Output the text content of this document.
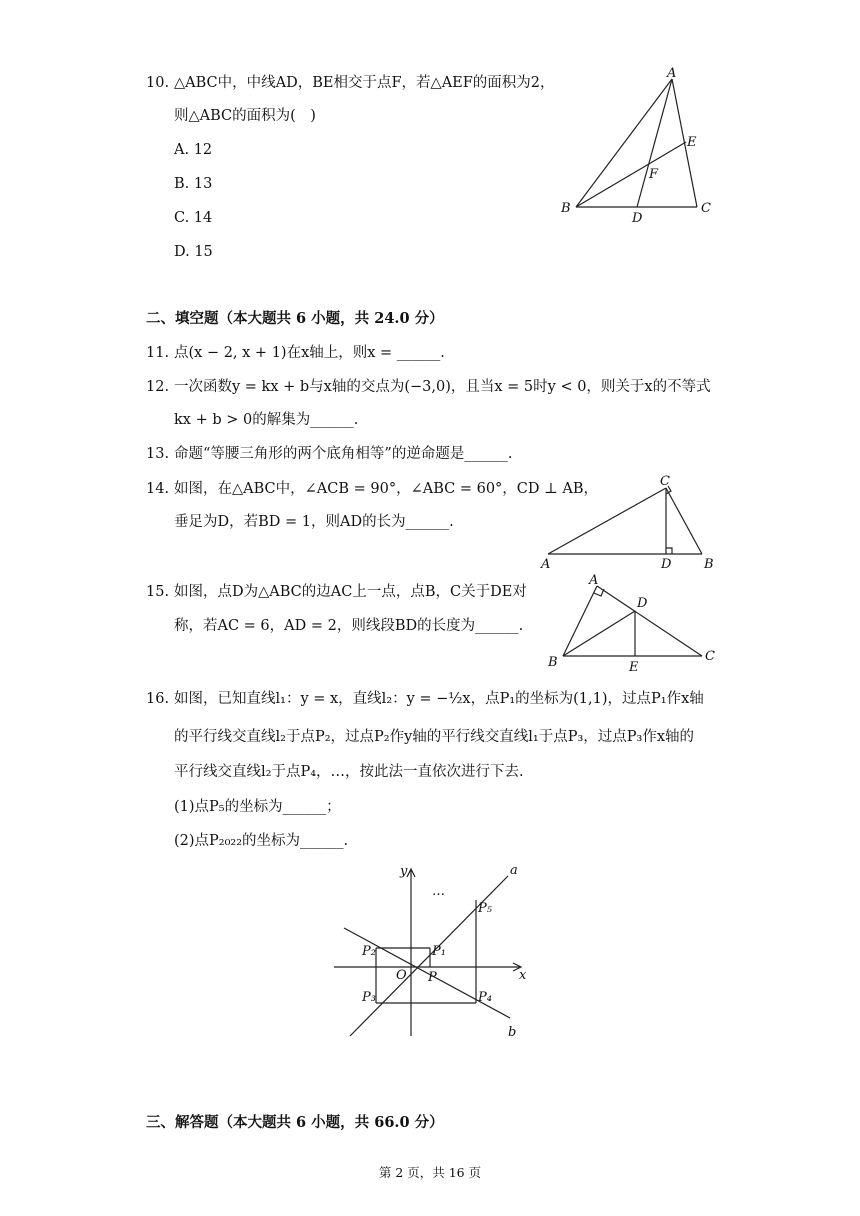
10. △ABC中，中线AD，BE相交于点F，若△AEF的面积为2，
则△ABC的面积为(　)
A. 12
B. 13
C. 14
D. 15
A
B	C
D
E
F
二、填空题（本大题共 6 小题，共 24.0 分）
11. 点(x − 2, x + 1)在x轴上，则x = ______.
12. 一次函数y = kx + b与x轴的交点为(−3,0)，且当x = 5时y < 0，则关于x的不等式
kx + b > 0的解集为______.
13. 命题“等腰三角形的两个底角相等”的逆命题是______.
14. 如图，在△ABC中，∠ACB = 90°，∠ABC = 60°，CD ⊥ AB，
垂足为D，若BD = 1，则AD的长为______.
C
A	B
D
15. 如图，点D为△ABC的边AC上一点，点B，C关于DE对
称，若AC = 6，AD = 2，则线段BD的长度为______.
A
D
B	C
E
16. 如图，已知直线l₁：y = x，直线l₂：y = −½x，点P₁的坐标为(1,1)，过点P₁作x轴
的平行线交直线l₂于点P₂，过点P₂作y轴的平行线交直线l₁于点P₃，过点P₃作x轴的
平行线交直线l₂于点P₄，…，按此法一直依次进行下去.
(1)点P₅的坐标为______；
(2)点P₂₀₂₂的坐标为______.
y
x
a
b
O P
…
P₅
P₁
P₂
P₃	P₄
三、解答题（本大题共 6 小题，共 66.0 分）
第 2 页，共 16 页
